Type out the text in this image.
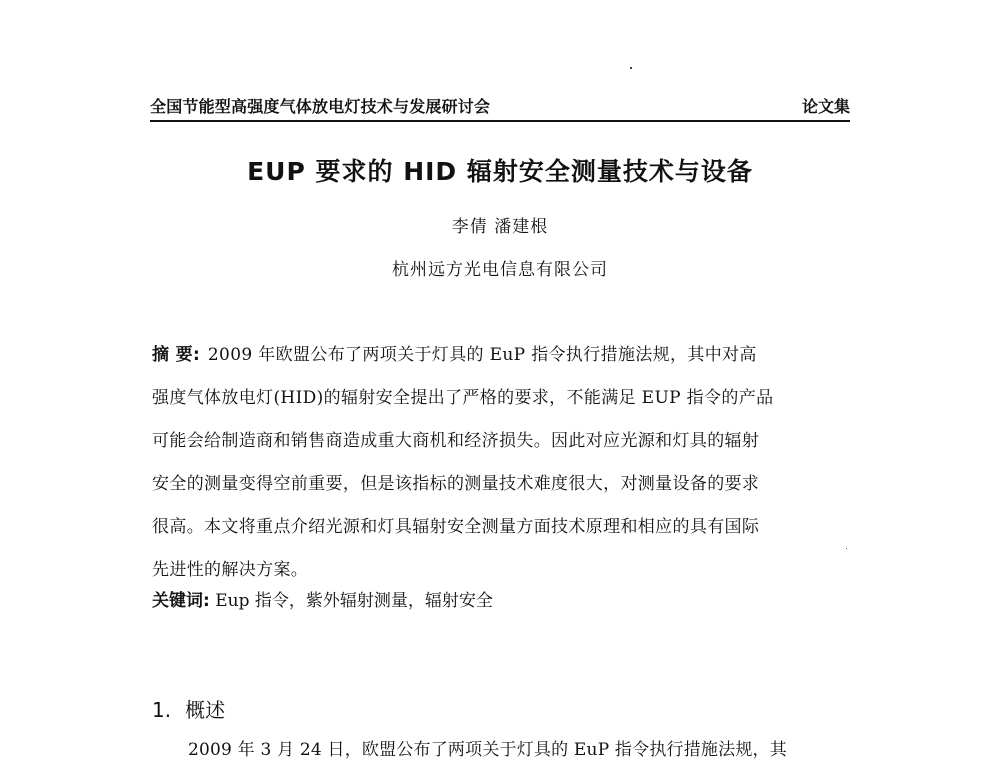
全国节能型高强度气体放电灯技术与发展研讨会	论文集
EUP 要求的 HID 辐射安全测量技术与设备
李倩 潘建根
杭州远方光电信息有限公司
摘 要: 2009 年欧盟公布了两项关于灯具的 EuP 指令执行措施法规，其中对高
强度气体放电灯(HID)的辐射安全提出了严格的要求，不能满足 EUP 指令的产品
可能会给制造商和销售商造成重大商机和经济损失。因此对应光源和灯具的辐射
安全的测量变得空前重要，但是该指标的测量技术难度很大，对测量设备的要求
很高。本文将重点介绍光源和灯具辐射安全测量方面技术原理和相应的具有国际
先进性的解决方案。
关键词: Eup 指令，紫外辐射测量，辐射安全
1. 概述
2009 年 3 月 24 日，欧盟公布了两项关于灯具的 EuP 指令执行措施法规，其
